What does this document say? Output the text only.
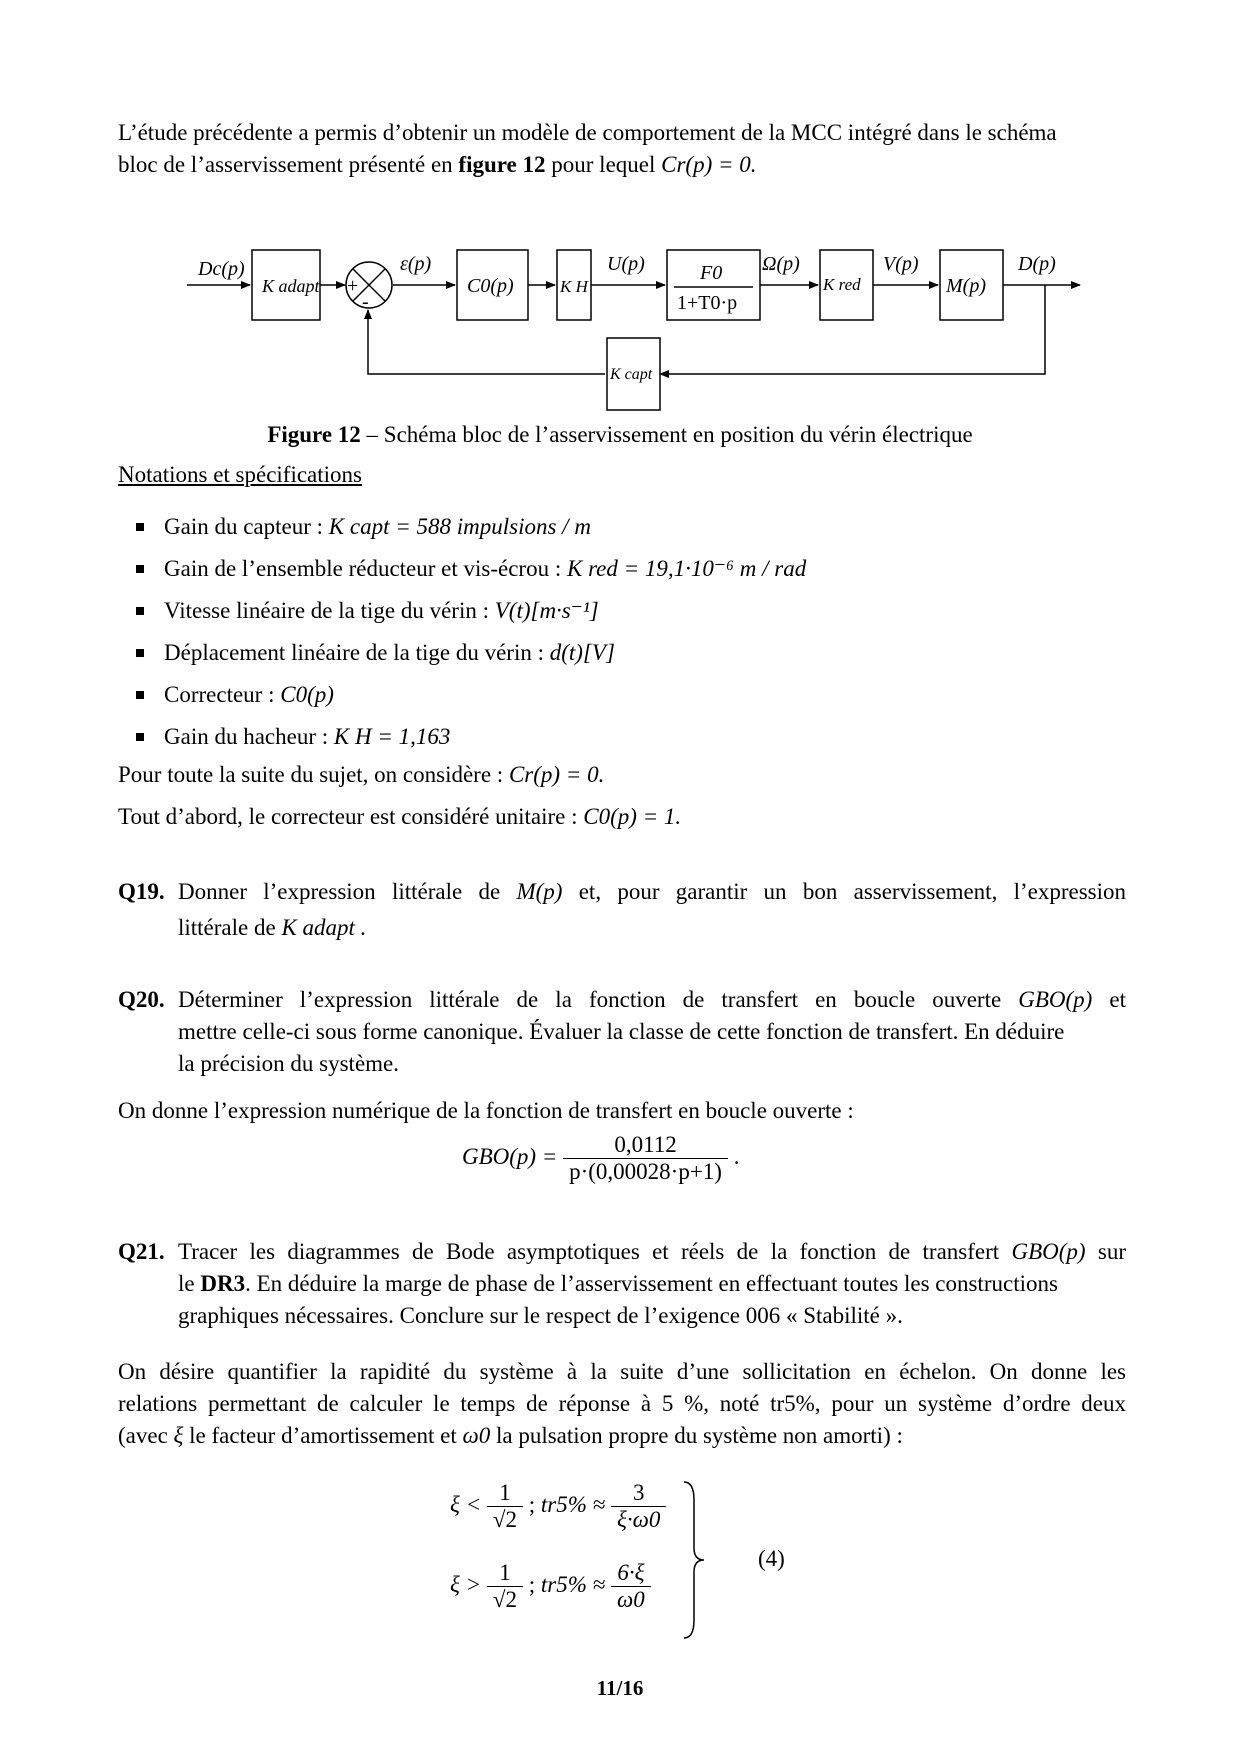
L’étude précédente a permis d’obtenir un modèle de comportement de la MCC intégré dans le schéma
bloc de l’asservissement présenté en figure 12 pour lequel Cr(p) = 0.
Dc(p)
K adapt +
-
ε(p)
C0(p)	K H
U(p)	F0
1+T0·p
Ω(p)
K red
V(p)
M(p)
D(p)
K capt
Figure 12 – Schéma bloc de l’asservissement en position du vérin électrique
Notations et spécifications
Gain du capteur : K capt = 588 impulsions / m
Gain de l’ensemble réducteur et vis-écrou : K red = 19,1·10⁻⁶ m / rad
Vitesse linéaire de la tige du vérin : V(t)[m·s⁻¹]
Déplacement linéaire de la tige du vérin : d(t)[V]
Correcteur : C0(p)
Gain du hacheur : K H = 1,163
Pour toute la suite du sujet, on considère : Cr(p) = 0.
Tout d’abord, le correcteur est considéré unitaire : C0(p) = 1.
Q19. Donner l’expression littérale de M(p) et, pour garantir un bon asservissement, l’expression
littérale de K adapt .
Q20. Déterminer l’expression littérale de la fonction de transfert en boucle ouverte GBO(p) et
mettre celle-ci sous forme canonique. Évaluer la classe de cette fonction de transfert. En déduire
la précision du système.
On donne l’expression numérique de la fonction de transfert en boucle ouverte :
$GBO(p) = \frac{0,0112}{p\cdot(0,00028\cdot p+1)}$ .
Q21. Tracer les diagrammes de Bode asymptotiques et réels de la fonction de transfert GBO(p) sur
le DR3. En déduire la marge de phase de l’asservissement en effectuant toutes les constructions
graphiques nécessaires. Conclure sur le respect de l’exigence 006 « Stabilité ».
On désire quantifier la rapidité du système à la suite d’une sollicitation en échelon. On donne les
relations permettant de calculer le temps de réponse à 5 %, noté tr5%, pour un système d’ordre deux
(avec ξ le facteur d’amortissement et ω0 la pulsation propre du système non amorti) :
$\xi < \frac{1}{√2}$ ; $tr5\% \approx \frac{3}{\xi\cdot\omega 0}$
$\xi > \frac{1}{√2}$ ; $tr5\% \approx \frac{6\cdot\xi}{\omega 0}$
(4)
11/16
